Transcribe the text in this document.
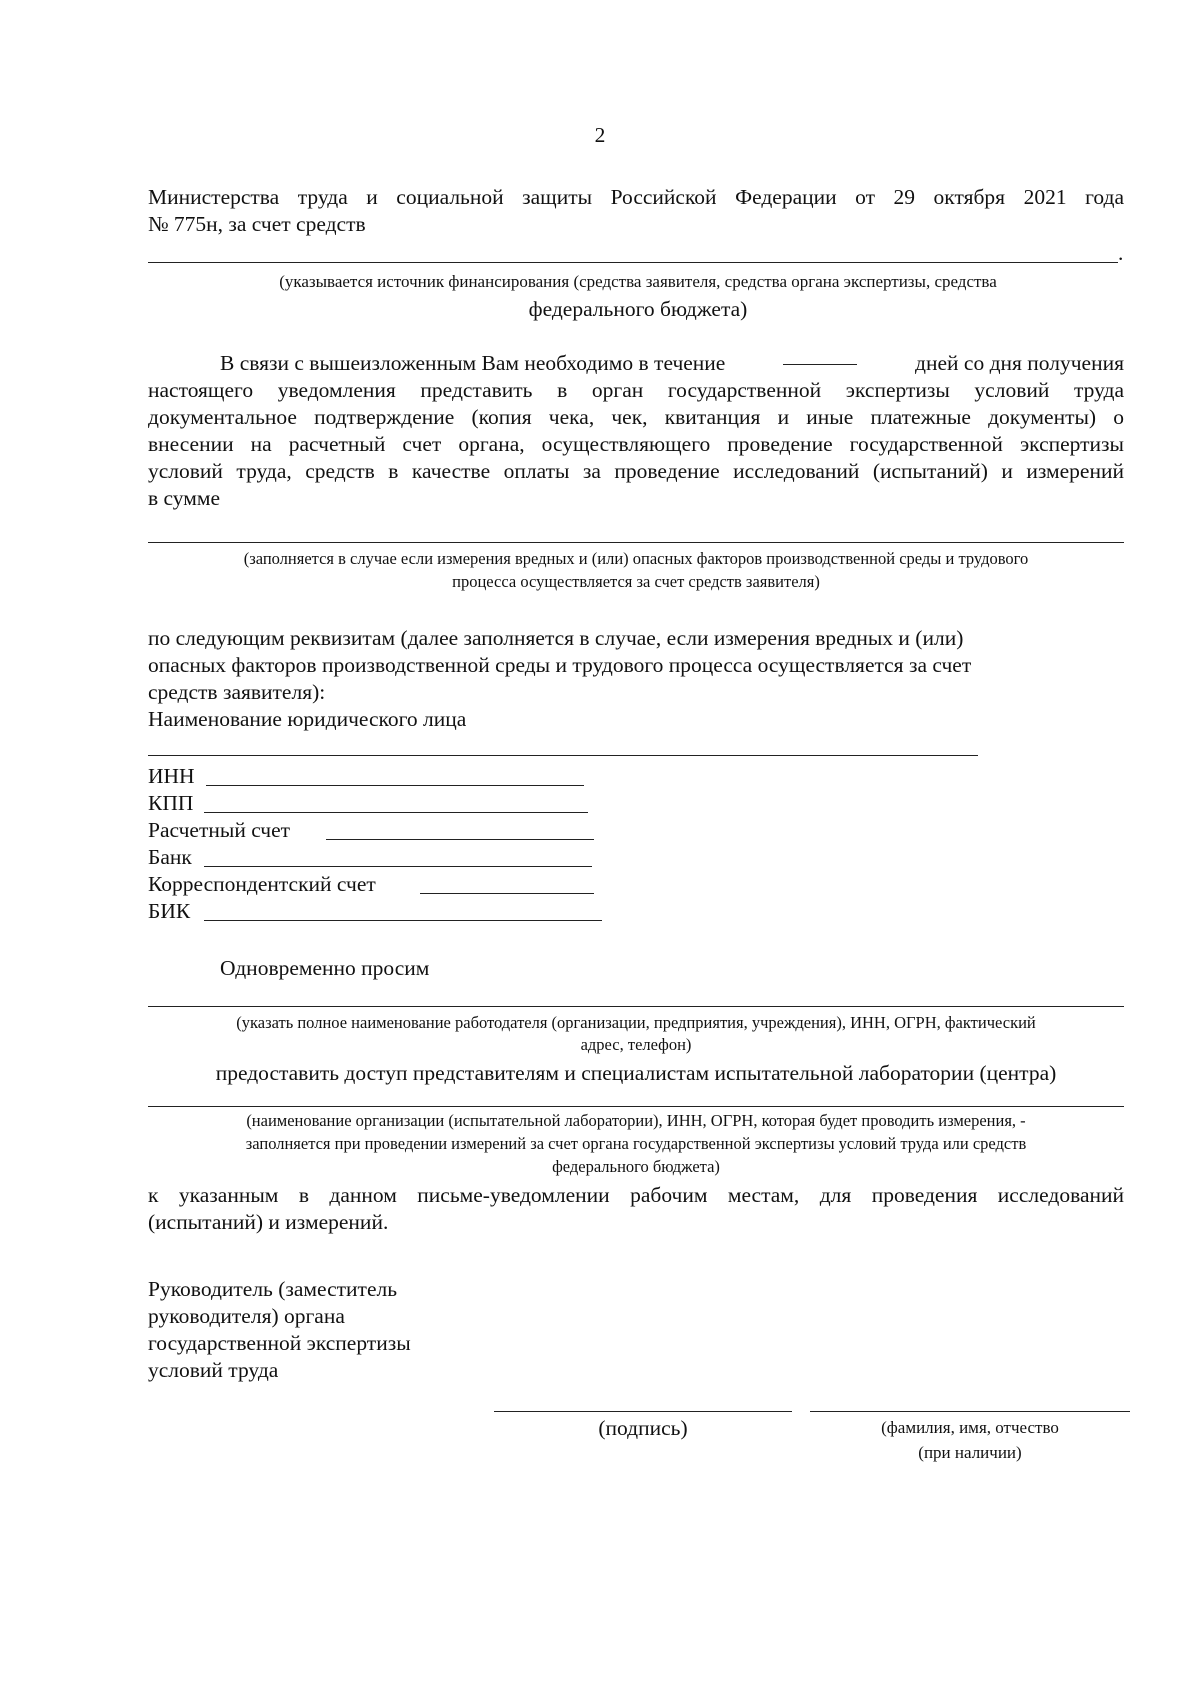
2
Министерства труда и социальной защиты Российской Федерации от 29 октября 2021 года
№ 775н, за счет средств
.
(указывается источник финансирования (средства заявителя, средства органа экспертизы, средства
федерального бюджета)
В связи с вышеизложенным Вам необходимо в течение	дней со дня получения
настоящего уведомления представить в орган государственной экспертизы условий труда
документальное подтверждение (копия чека, чек, квитанция и иные платежные документы) о
внесении на расчетный счет органа, осуществляющего проведение государственной экспертизы
условий труда, средств в качестве оплаты за проведение исследований (испытаний) и измерений
в сумме
(заполняется в случае если измерения вредных и (или) опасных факторов производственной среды и трудового
процесса осуществляется за счет средств заявителя)
по следующим реквизитам (далее заполняется в случае, если измерения вредных и (или)
опасных факторов производственной среды и трудового процесса осуществляется за счет
средств заявителя):
Наименование юридического лица
ИНН
КПП
Расчетный счет
Банк
Корреспондентский счет
БИК
Одновременно просим
(указать полное наименование работодателя (организации, предприятия, учреждения), ИНН, ОГРН, фактический
адрес, телефон)
предоставить доступ представителям и специалистам испытательной лаборатории (центра)
(наименование организации (испытательной лаборатории), ИНН, ОГРН, которая будет проводить измерения, -
заполняется при проведении измерений за счет органа государственной экспертизы условий труда или средств
федерального бюджета)
к указанным в данном письме-уведомлении рабочим местам, для проведения исследований
(испытаний) и измерений.
Руководитель (заместитель
руководителя) органа
государственной экспертизы
условий труда
(подпись)	(фамилия, имя, отчество
(при наличии)
